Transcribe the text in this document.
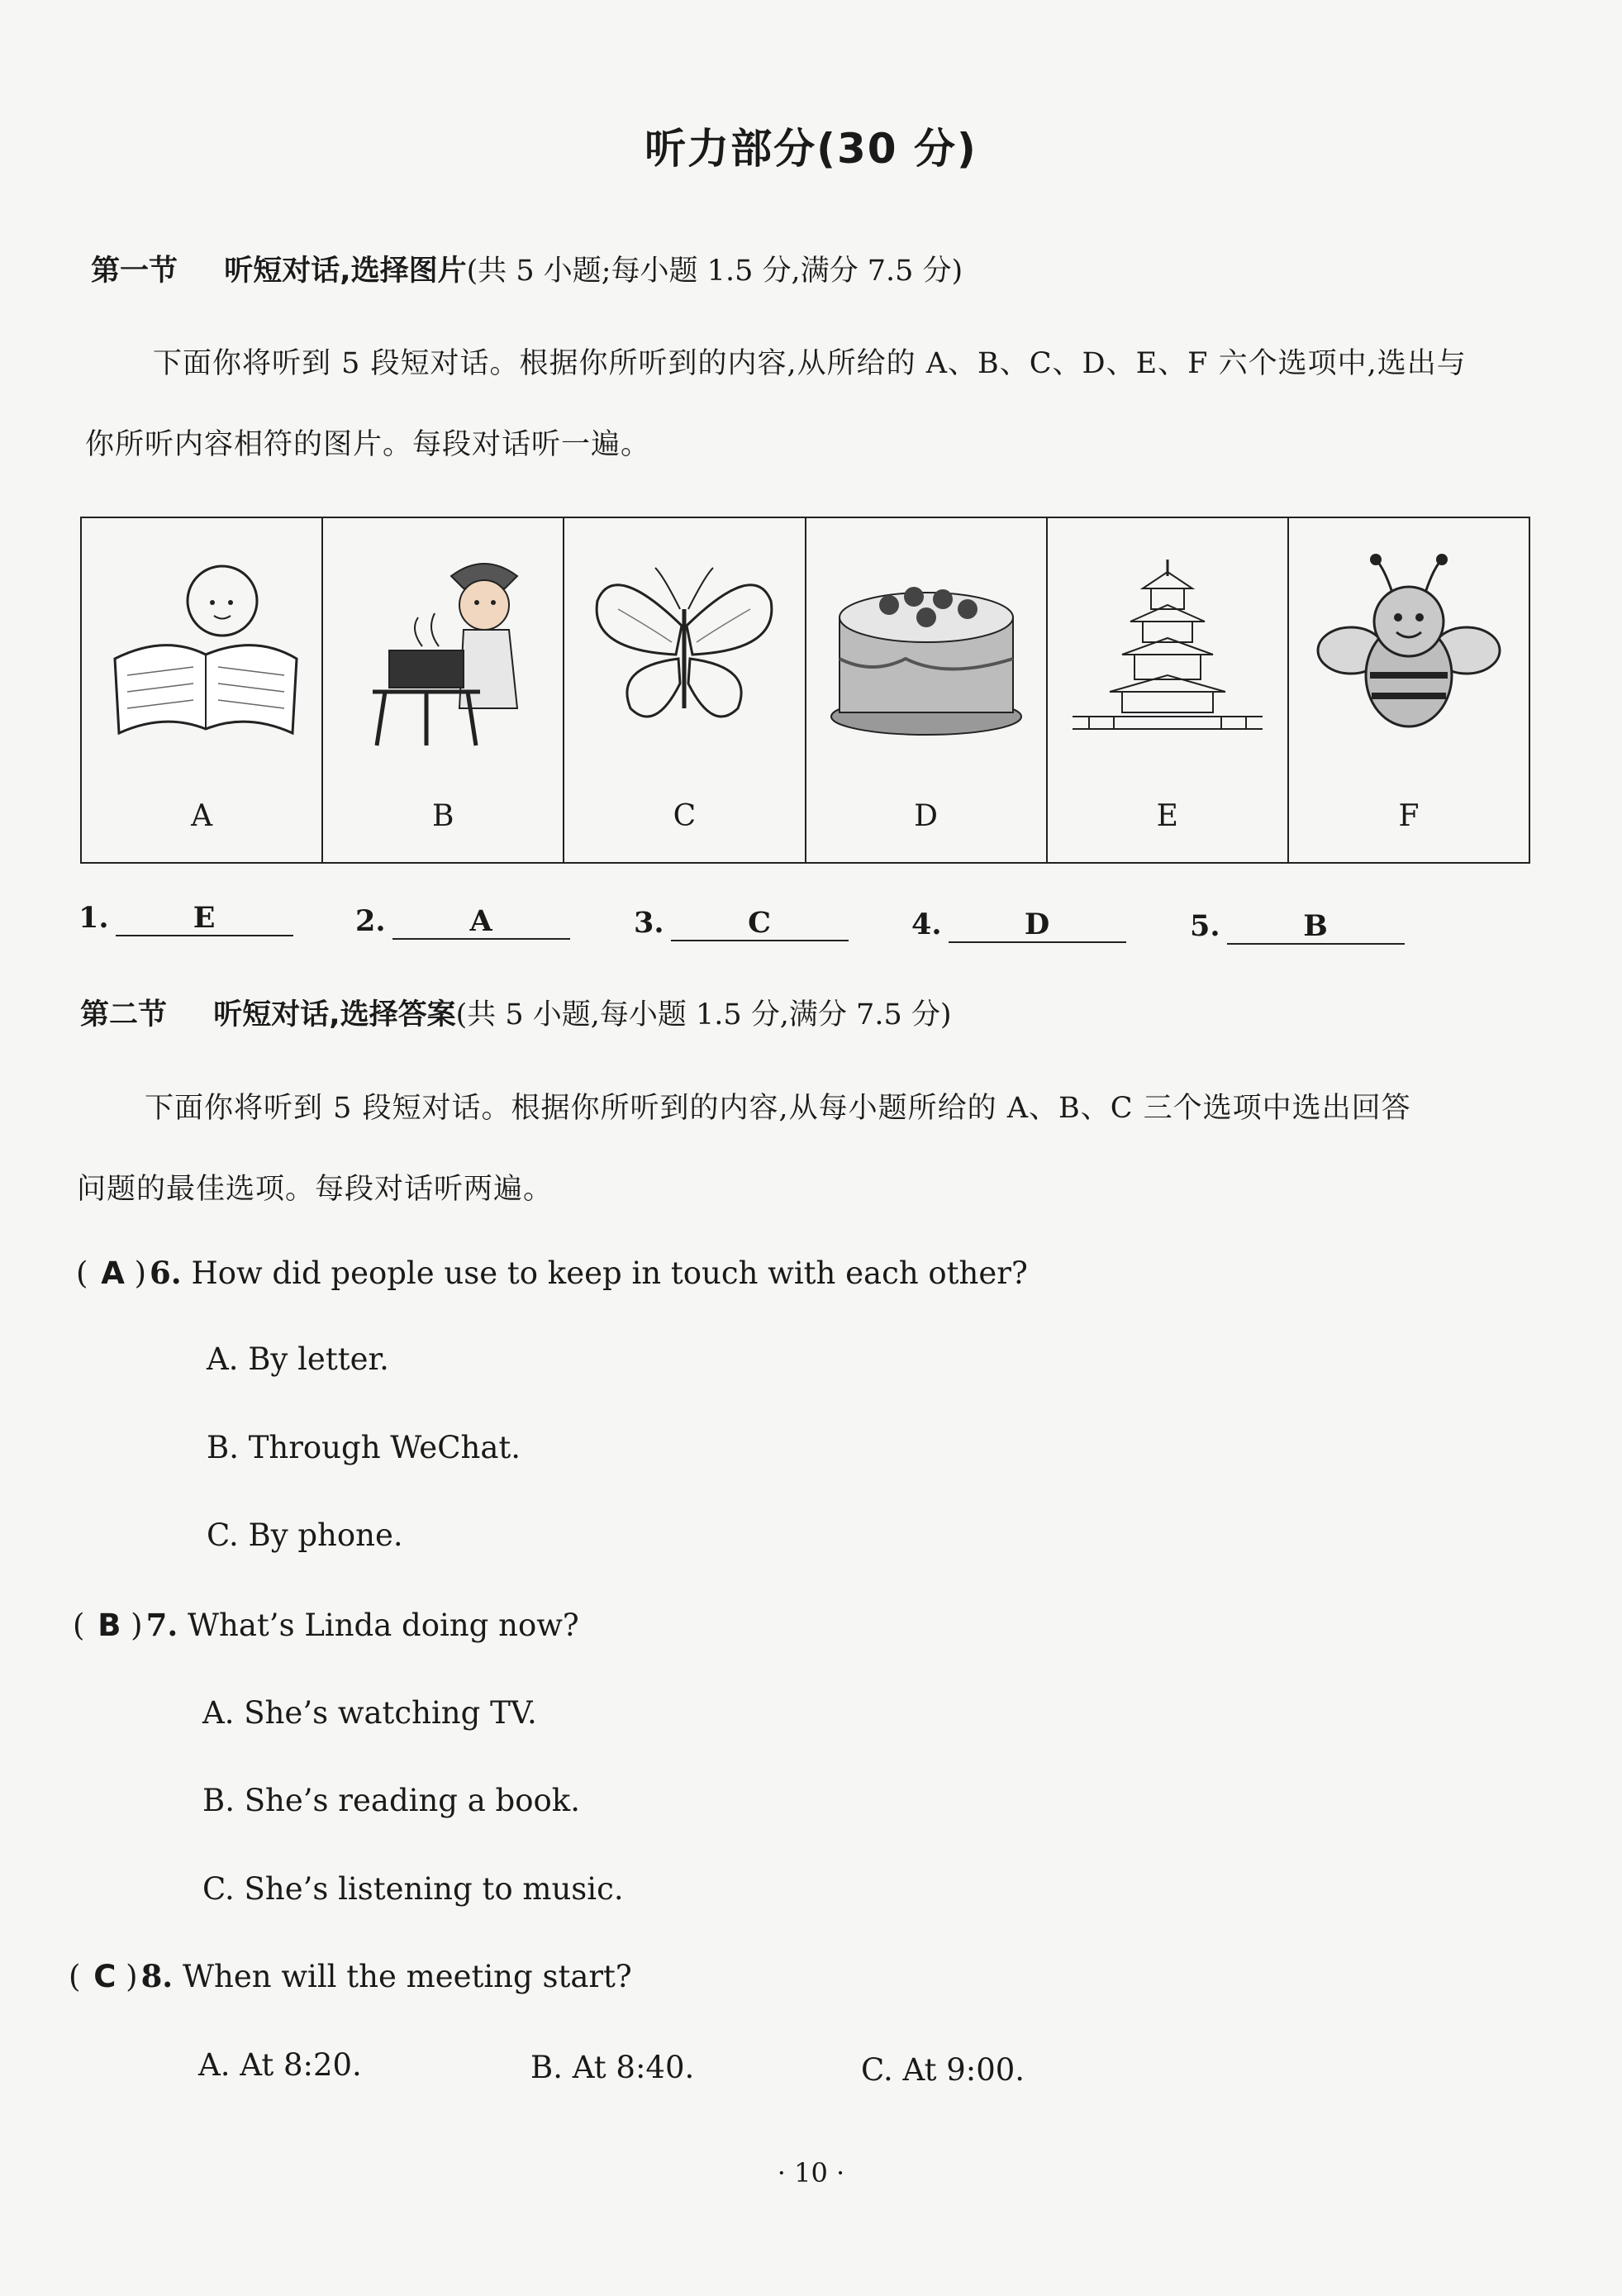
听力部分(30 分)
第一节 听短对话,选择图片(共 5 小题;每小题 1.5 分,满分 7.5 分)
下面你将听到 5 段短对话。根据你所听到的内容,从所给的 A、B、C、D、E、F 六个选项中,选出与
你所听内容相符的图片。每段对话听一遍。
A	B	C	D	E	F
1.	E	2.	A	3.	C	4.	D	5.	B
第二节 听短对话,选择答案(共 5 小题,每小题 1.5 分,满分 7.5 分)
下面你将听到 5 段短对话。根据你所听到的内容,从每小题所给的 A、B、C 三个选项中选出回答
问题的最佳选项。每段对话听两遍。
( A )6. How did people use to keep in touch with each other?
A. By letter.
B. Through WeChat.
C. By phone.
( B )7. What’s Linda doing now?
A. She’s watching TV.
B. She’s reading a book.
C. She’s listening to music.
( C )8. When will the meeting start?
A. At 8:20.	B. At 8:40.	C. At 9:00.
· 10 ·
